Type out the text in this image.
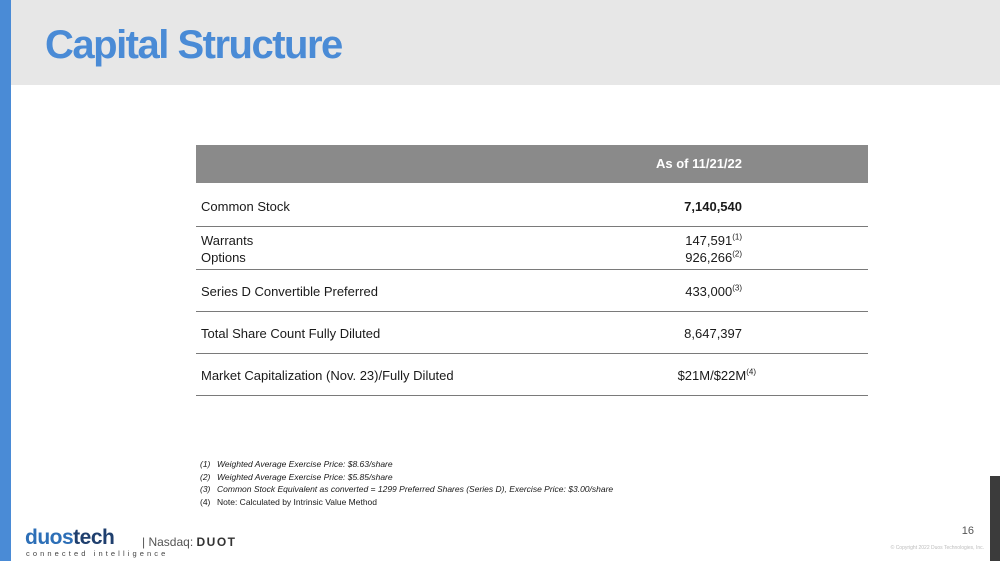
Capital Structure
As of 11/21/22
Common Stock	7,140,540
Warrants	147,591$^{(1)}$
Options	926,266$^{(2)}$
Series D Convertible Preferred	433,000$^{(3)}$
Total Share Count Fully Diluted	8,647,397
Market Capitalization (Nov. 23)/Fully Diluted	$\$21M/\$22M^{(4)}$
(1) Weighted Average Exercise Price: $8.63/share
(2) Weighted Average Exercise Price: $5.85/share
(3) Common Stock Equivalent as converted = 1299 Preferred Shares (Series D), Exercise Price: $3.00/share
(4) Note: Calculated by Intrinsic Value Method
duostech
connected intelligence
| Nasdaq: DUOT
16
© Copyright 2022 Duos Technologies, Inc.
